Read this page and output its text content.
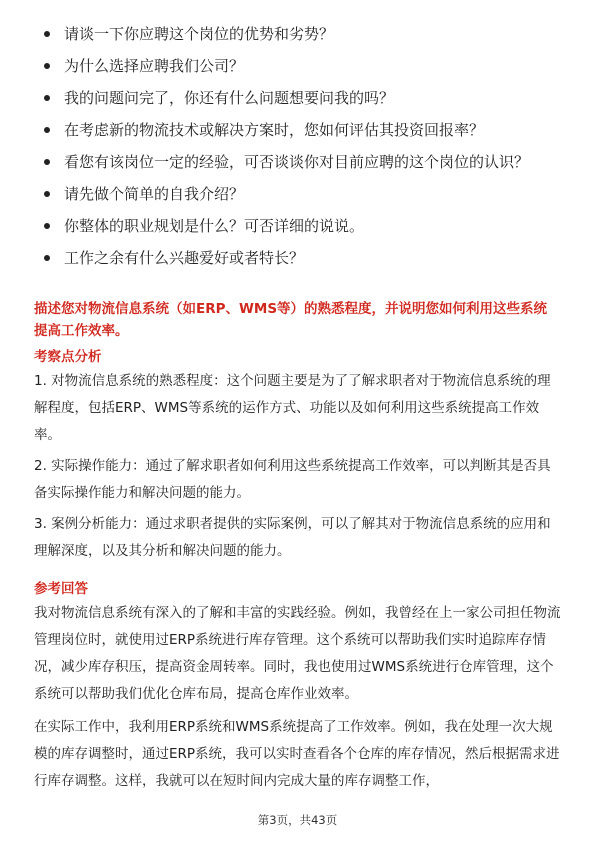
请谈一下你应聘这个岗位的优势和劣势？
为什么选择应聘我们公司？
我的问题问完了，你还有什么问题想要问我的吗？
在考虑新的物流技术或解决方案时，您如何评估其投资回报率？
看您有该岗位一定的经验，可否谈谈你对目前应聘的这个岗位的认识？
请先做个简单的自我介绍？
你整体的职业规划是什么？可否详细的说说。
工作之余有什么兴趣爱好或者特长？
描述您对物流信息系统（如ERP、WMS等）的熟悉程度，并说明您如何利用这些系统提高工作效率。
考察点分析
1. 对物流信息系统的熟悉程度：这个问题主要是为了了解求职者对于物流信息系统的理解程度，包括ERP、WMS等系统的运作方式、功能以及如何利用这些系统提高工作效率。
2. 实际操作能力：通过了解求职者如何利用这些系统提高工作效率，可以判断其是否具备实际操作能力和解决问题的能力。
3. 案例分析能力：通过求职者提供的实际案例，可以了解其对于物流信息系统的应用和理解深度，以及其分析和解决问题的能力。
参考回答
我对物流信息系统有深入的了解和丰富的实践经验。例如，我曾经在上一家公司担任物流管理岗位时，就使用过ERP系统进行库存管理。这个系统可以帮助我们实时追踪库存情况，减少库存积压，提高资金周转率。同时，我也使用过WMS系统进行仓库管理，这个系统可以帮助我们优化仓库布局，提高仓库作业效率。
在实际工作中，我利用ERP系统和WMS系统提高了工作效率。例如，我在处理一次大规模的库存调整时，通过ERP系统，我可以实时查看各个仓库的库存情况，然后根据需求进行库存调整。这样，我就可以在短时间内完成大量的库存调整工作，
第3页，共43页
